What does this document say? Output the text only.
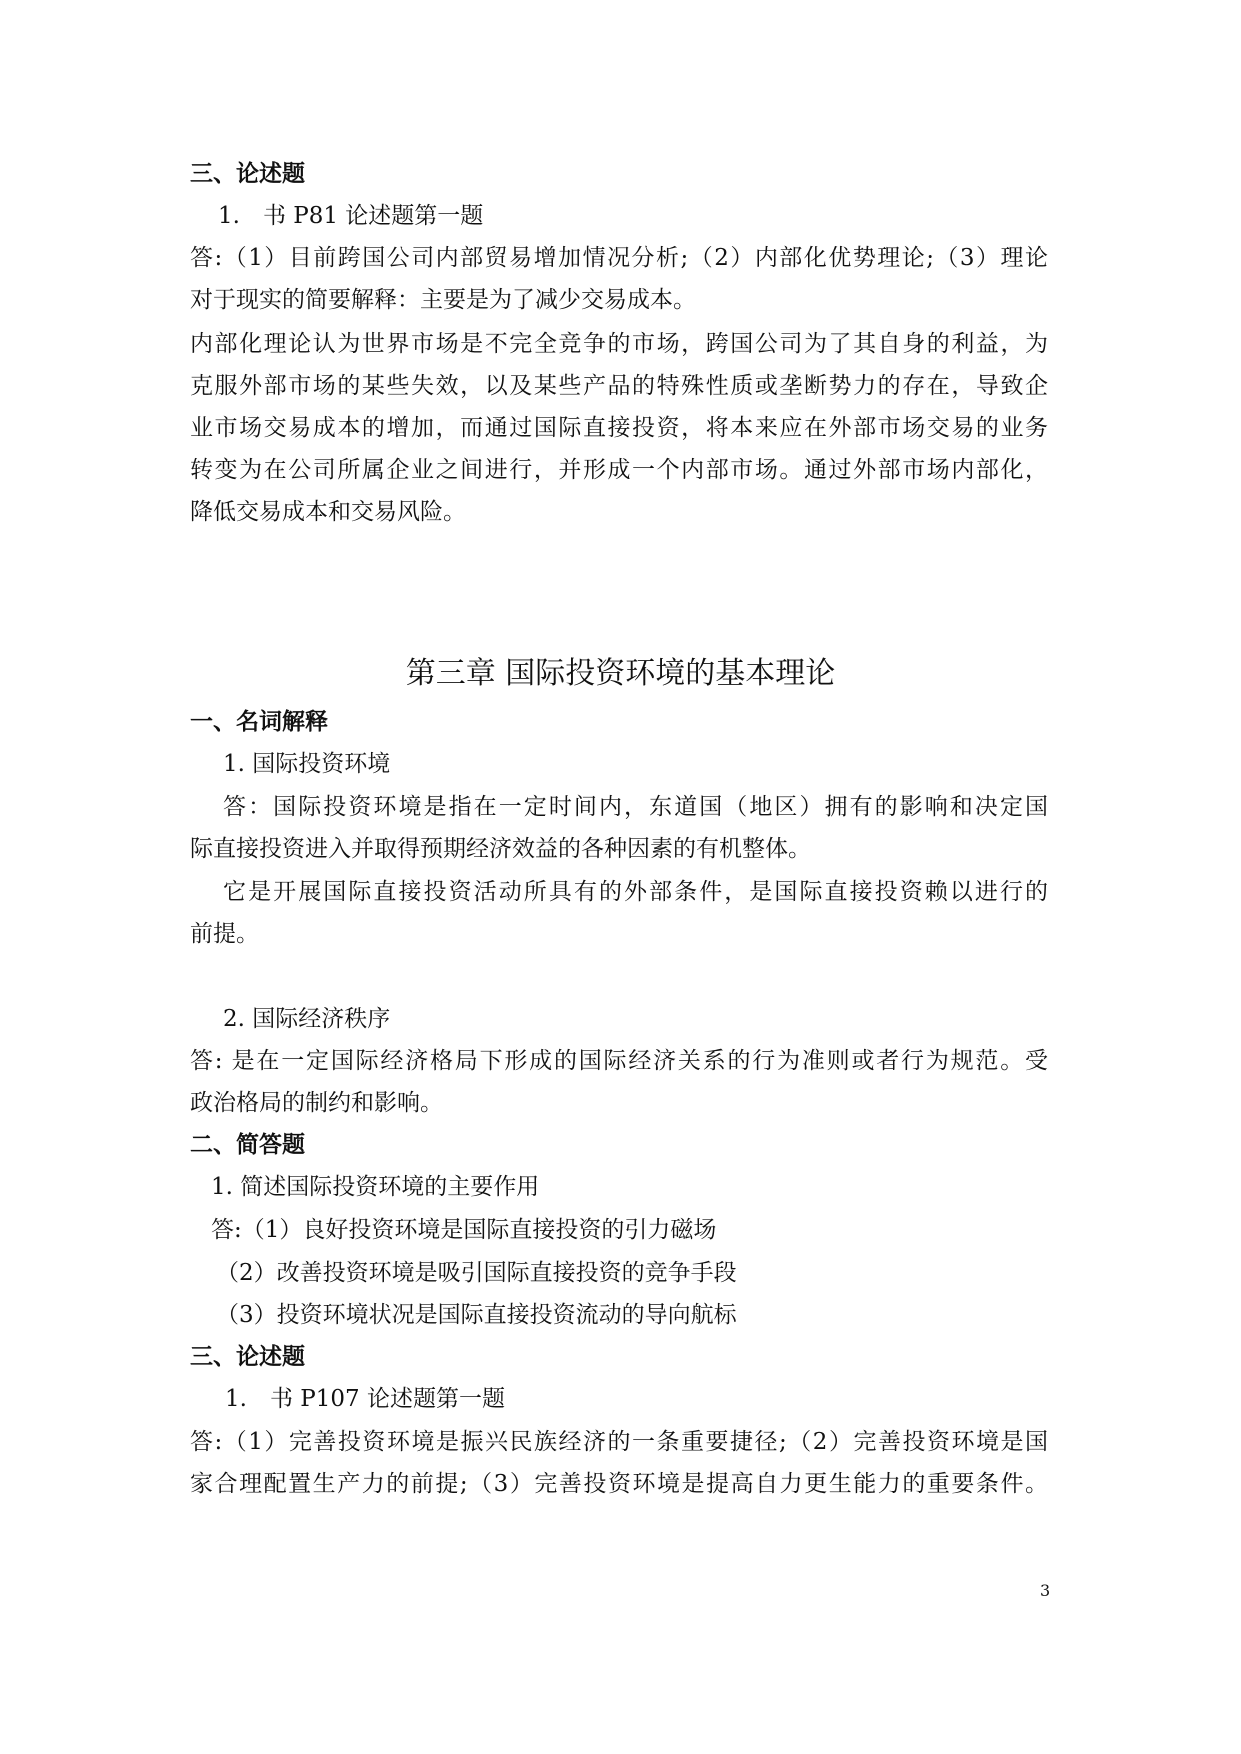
三、论述题
1.　书 P81 论述题第一题
答:（1）目前跨国公司内部贸易增加情况分析;（2）内部化优势理论;（3）理论
对于现实的简要解释：主要是为了减少交易成本。
内部化理论认为世界市场是不完全竞争的市场，跨国公司为了其自身的利益，为
克服外部市场的某些失效，以及某些产品的特殊性质或垄断势力的存在，导致企
业市场交易成本的增加，而通过国际直接投资，将本来应在外部市场交易的业务
转变为在公司所属企业之间进行，并形成一个内部市场。通过外部市场内部化，
降低交易成本和交易风险。
第三章 国际投资环境的基本理论
一、名词解释
1. 国际投资环境
答：国际投资环境是指在一定时间内，东道国（地区）拥有的影响和决定国
际直接投资进入并取得预期经济效益的各种因素的有机整体。
它是开展国际直接投资活动所具有的外部条件，是国际直接投资赖以进行的
前提。
2. 国际经济秩序
答: 是在一定国际经济格局下形成的国际经济关系的行为准则或者行为规范。受
政治格局的制约和影响。
二、简答题
1. 简述国际投资环境的主要作用
答:（1）良好投资环境是国际直接投资的引力磁场
（2）改善投资环境是吸引国际直接投资的竞争手段
（3）投资环境状况是国际直接投资流动的导向航标
三、论述题
1.　书 P107 论述题第一题
答:（1）完善投资环境是振兴民族经济的一条重要捷径;（2）完善投资环境是国
家合理配置生产力的前提;（3）完善投资环境是提高自力更生能力的重要条件。
3
